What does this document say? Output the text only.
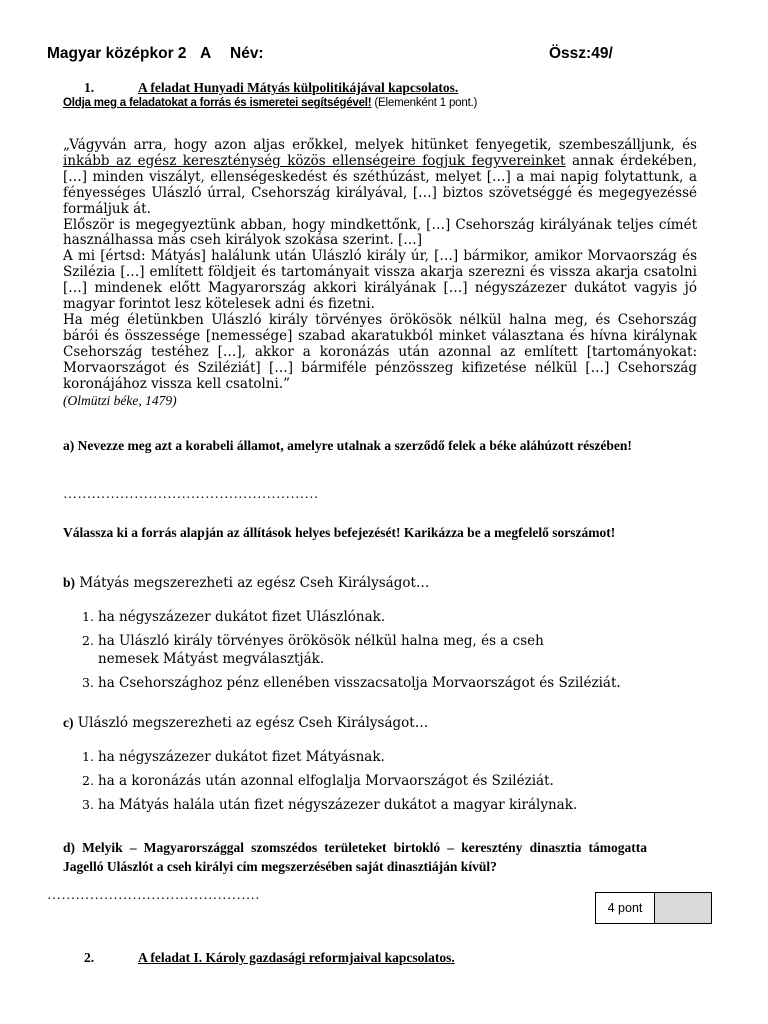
Magyar középkor 2 A Név:	Össz:49/
1.	A feladat Hunyadi Mátyás külpolitikájával kapcsolatos.
Oldja meg a feladatokat a forrás és ismeretei segítségével! (Elemenként 1 pont.)

„Vágyván arra, hogy azon aljas erőkkel, melyek hitünket fenyegetik, szembeszálljunk, és inkább az egész kereszténység közös ellenségeire fogjuk fegyvereinket annak érdekében, […] minden viszályt, ellenségeskedést és széthúzást, melyet […] a mai napig folytattunk, a fényességes Ulászló úrral, Csehország királyával, […] biztos szövetséggé és megegyezéssé formáljuk át.

Először is megegyeztünk abban, hogy mindkettőnk, […] Csehország királyának teljes címét használhassa más cseh királyok szokása szerint. […]

A mi [értsd: Mátyás] halálunk után Ulászló király úr, […] bármikor, amikor Morvaország és Szilézia […] említett földjeit és tartományait vissza akarja szerezni és vissza akarja csatolni […] mindenek előtt Magyarország akkori királyának […] négyszázezer dukátot vagyis jó magyar forintot lesz kötelesek adni és fizetni.

Ha még életünkben Ulászló király törvényes örökösök nélkül halna meg, és Csehország bárói és összessége [nemessége] szabad akaratukból minket választana és hívna királynak Csehország testéhez […], akkor a koronázás után azonnal az említett [tartományokat: Morvaországot és Sziléziát] […] bármiféle pénzösszeg kifizetése nélkül […] Csehország koronájához vissza kell csatolni.”

(Olmützi béke, 1479)
a) Nevezze meg azt a korabeli államot, amelyre utalnak a szerződő felek a béke aláhúzott részében!
………………………………………………
Válassza ki a forrás alapján az állítások helyes befejezését! Karikázza be a megfelelő sorszámot!
b) Mátyás megszerezheti az egész Cseh Királyságot…
1. ha négyszázezer dukátot fizet Ulászlónak.
2. ha Ulászló király törvényes örökösök nélkül halna meg, és a cseh
nemesek Mátyást megválasztják.
3. ha Csehországhoz pénz ellenében visszacsatolja Morvaországot és Sziléziát.
c) Ulászló megszerezheti az egész Cseh Királyságot…
1. ha négyszázezer dukátot fizet Mátyásnak.
2. ha a koronázás után azonnal elfoglalja Morvaországot és Sziléziát.
3. ha Mátyás halála után fizet négyszázezer dukátot a magyar királynak.
d) Melyik – Magyarországgal szomszédos területeket birtokló – keresztény dinasztia támogatta Jagelló Ulászlót a cseh királyi cím megszerzésében saját dinasztiáján kívül?
………………………………………
4 pont
2.	A feladat I. Károly gazdasági reformjaival kapcsolatos.
